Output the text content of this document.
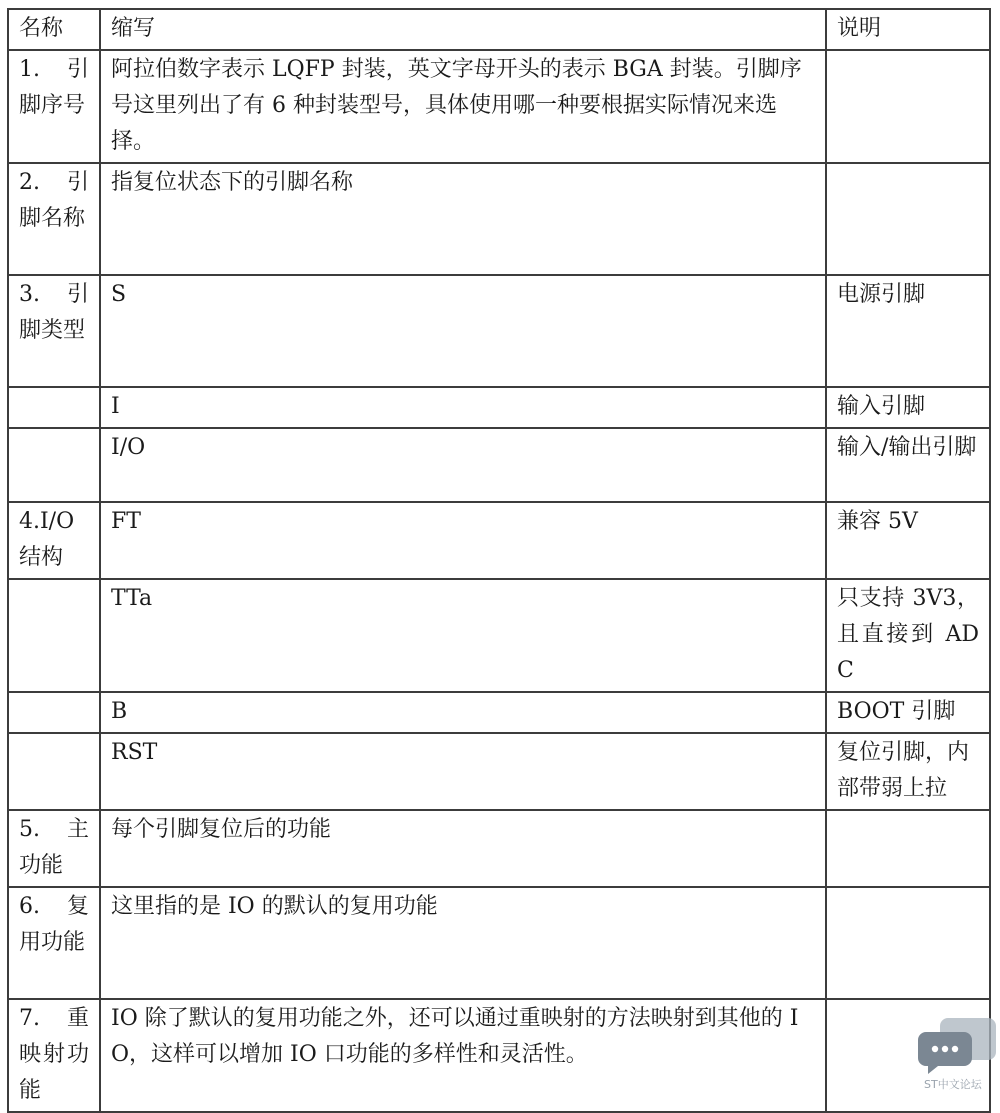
名称	缩写	说明
1. 引脚序号	阿拉伯数字表示 LQFP 封装，英文字母开头的表示 BGA 封装。引脚序号这里列出了有 6 种封装型号，具体使用哪一种要根据实际情况来选择。	
2. 引脚名称	指复位状态下的引脚名称	
3. 引脚类型	S	电源引脚
	I	输入引脚
	I/O	输入/输出引脚
4.I/O 结构	FT	兼容 5V
	TTa	只支持 3V3，且直接到 ADC
	B	BOOT 引脚
	RST	复位引脚，内部带弱上拉
5. 主功能	每个引脚复位后的功能	
6. 复用功能	这里指的是 IO 的默认的复用功能	
7. 重映射功能	IO 除了默认的复用功能之外，还可以通过重映射的方法映射到其他的 IO，这样可以增加 IO 口功能的多样性和灵活性。	
ST中文论坛
